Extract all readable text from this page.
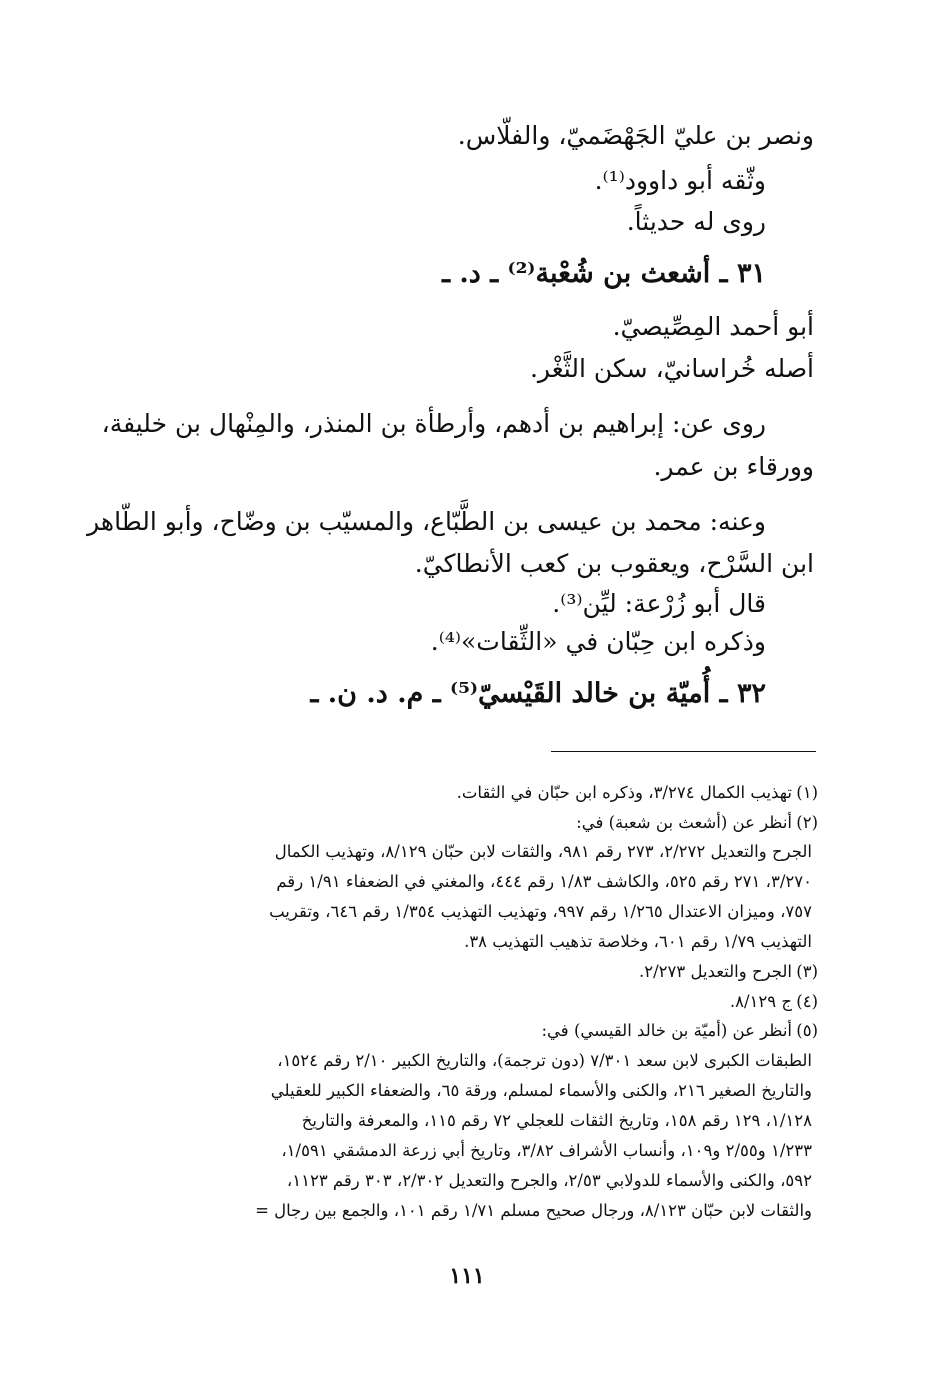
ونصر بن عليّ الجَهْضَميّ، والفلّاس.

وثّقه أبو داوود⁽¹⁾.

روى له حديثاً.

٣١ ـ أشعث بن شُعْبة⁽²⁾ ـ د. ـ

أبو أحمد المِصِّيصيّ.

أصله خُراسانيّ، سكن الثَّغْر.

روى عن: إبراهيم بن أدهم، وأرطأة بن المنذر، والمِنْهال بن خليفة،

وورقاء بن عمر.

وعنه: محمد بن عيسى بن الطَّبّاع، والمسيّب بن وضّاح، وأبو الطّاهر

ابن السَّرْح، ويعقوب بن كعب الأنطاكيّ.

قال أبو زُرْعة: ليِّن⁽³⁾.

وذكره ابن حِبّان في «الثِّقات»⁽⁴⁾.

٣٢ ـ أُميّة بن خالد القَيْسيّ⁽⁵⁾ ـ م. د. ن. ـ

(١)
تهذيب الكمال ٣/٢٧٤، وذكره ابن حبّان في الثقات.
(٢)
أنظر عن (أشعث بن شعبة) في:
الجرح والتعديل ٢/٢٧٢، ٢٧٣ رقم ٩٨١، والثقات لابن حبّان ٨/١٢٩، وتهذيب الكمال
٣/٢٧٠، ٢٧١ رقم ٥٢٥، والكاشف ١/٨٣ رقم ٤٤٤، والمغني في الضعفاء ١/٩١ رقم
٧٥٧، وميزان الاعتدال ١/٢٦٥ رقم ٩٩٧، وتهذيب التهذيب ١/٣٥٤ رقم ٦٤٦، وتقريب
التهذيب ١/٧٩ رقم ٦٠١، وخلاصة تذهيب التهذيب ٣٨.
(٣)
الجرح والتعديل ٢/٢٧٣.
(٤)
ج ٨/١٢٩.
(٥)
أنظر عن (أميّة بن خالد القيسي) في:
الطبقات الكبرى لابن سعد ٧/٣٠١ (دون ترجمة)، والتاريخ الكبير ٢/١٠ رقم ١٥٢٤،
والتاريخ الصغير ٢١٦، والكنى والأسماء لمسلم، ورقة ٦٥، والضعفاء الكبير للعقيلي
١/١٢٨، ١٢٩ رقم ١٥٨، وتاريخ الثقات للعجلي ٧٢ رقم ١١٥، والمعرفة والتاريخ
١/٢٣٣ و٢/٥٥ و١٠٩، وأنساب الأشراف ٣/٨٢، وتاريخ أبي زرعة الدمشقي ١/٥٩١،
٥٩٢، والكنى والأسماء للدولابي ٢/٥٣، والجرح والتعديل ٢/٣٠٢، ٣٠٣ رقم ١١٢٣،
والثقات لابن حبّان ٨/١٢٣، ورجال صحيح مسلم ١/٧١ رقم ١٠١، والجمع بين رجال =
١١١
